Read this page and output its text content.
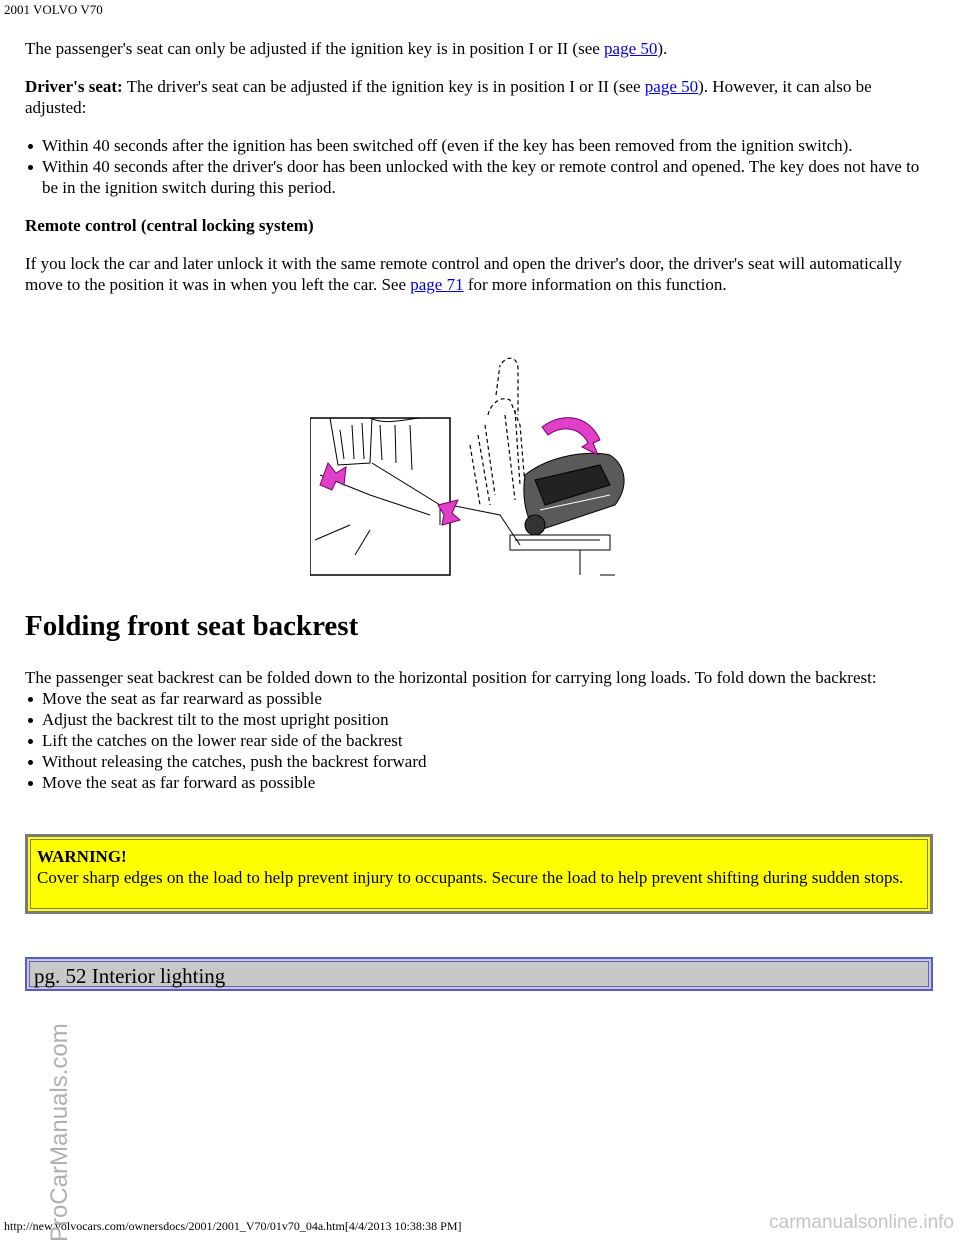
2001 VOLVO V70

The passenger's seat can only be adjusted if the ignition key is in position I or II (see page 50).

Driver's seat: The driver's seat can be adjusted if the ignition key is in position I or II (see page 50). However, it can also be adjusted:

Within 40 seconds after the ignition has been switched off (even if the key has been removed from the ignition switch).
Within 40 seconds after the driver's door has been unlocked with the key or remote control and opened. The key does not have to be in the ignition switch during this period.

Remote control (central locking system)

If you lock the car and later unlock it with the same remote control and open the driver's door, the driver's seat will automatically move to the position it was in when you left the car. See page 71 for more information on this function.

Folding front seat backrest

The passenger seat backrest can be folded down to the horizontal position for carrying long loads. To fold down the backrest:

Move the seat as far rearward as possible
Adjust the backrest tilt to the most upright position
Lift the catches on the lower rear side of the backrest
Without releasing the catches, push the backrest forward
Move the seat as far forward as possible
WARNING!
Cover sharp edges on the load to help prevent injury to occupants. Secure the load to help prevent shifting during sudden stops.
pg. 52 Interior lighting
http://new.volvocars.com/ownersdocs/2001/2001_V70/01v70_04a.htm[4/4/2013 10:38:38 PM]
ProCarManuals.com	carmanualsonline.info
